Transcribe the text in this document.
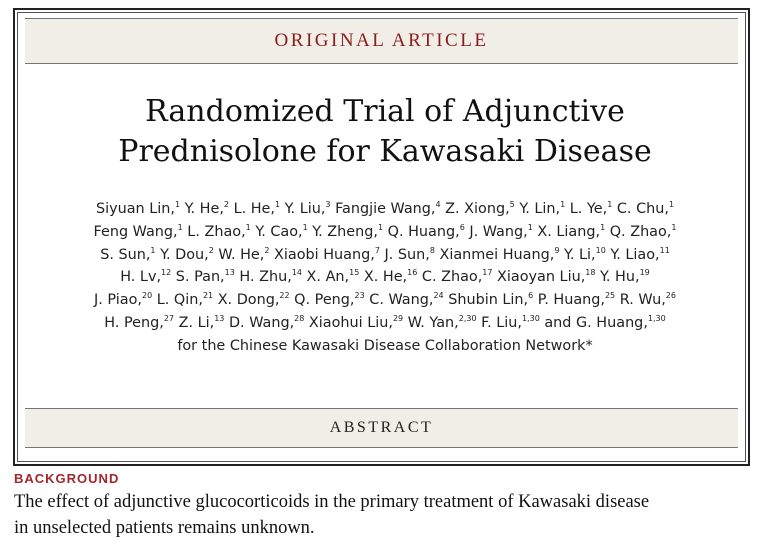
ORIGINAL ARTICLE
Randomized Trial of Adjunctive
Prednisolone for Kawasaki Disease
Siyuan Lin,$^1$ Y. He,$^2$ L. He,$^1$ Y. Liu,$^3$ Fangjie Wang,$^4$ Z. Xiong,$^5$ Y. Lin,$^1$ L. Ye,$^1$ C. Chu,$^1$
Feng Wang,$^1$ L. Zhao,$^1$ Y. Cao,$^1$ Y. Zheng,$^1$ Q. Huang,$^6$ J. Wang,$^1$ X. Liang,$^1$ Q. Zhao,$^1$
S. Sun,$^1$ Y. Dou,$^2$ W. He,$^2$ Xiaobi Huang,$^7$ J. Sun,$^8$ Xianmei Huang,$^9$ Y. Li,$^{10}$ Y. Liao,$^{11}$
H. Lv,$^{12}$ S. Pan,$^{13}$ H. Zhu,$^{14}$ X. An,$^{15}$ X. He,$^{16}$ C. Zhao,$^{17}$ Xiaoyan Liu,$^{18}$ Y. Hu,$^{19}$
J. Piao,$^{20}$ L. Qin,$^{21}$ X. Dong,$^{22}$ Q. Peng,$^{23}$ C. Wang,$^{24}$ Shubin Lin,$^6$ P. Huang,$^{25}$ R. Wu,$^{26}$
H. Peng,$^{27}$ Z. Li,$^{13}$ D. Wang,$^{28}$ Xiaohui Liu,$^{29}$ W. Yan,$^{2,30}$ F. Liu,$^{1,30}$ and G. Huang,$^{1,30}$
for the Chinese Kawasaki Disease Collaboration Network*
ABSTRACT
BACKGROUND
The effect of adjunctive glucocorticoids in the primary treatment of Kawasaki disease
in unselected patients remains unknown.
